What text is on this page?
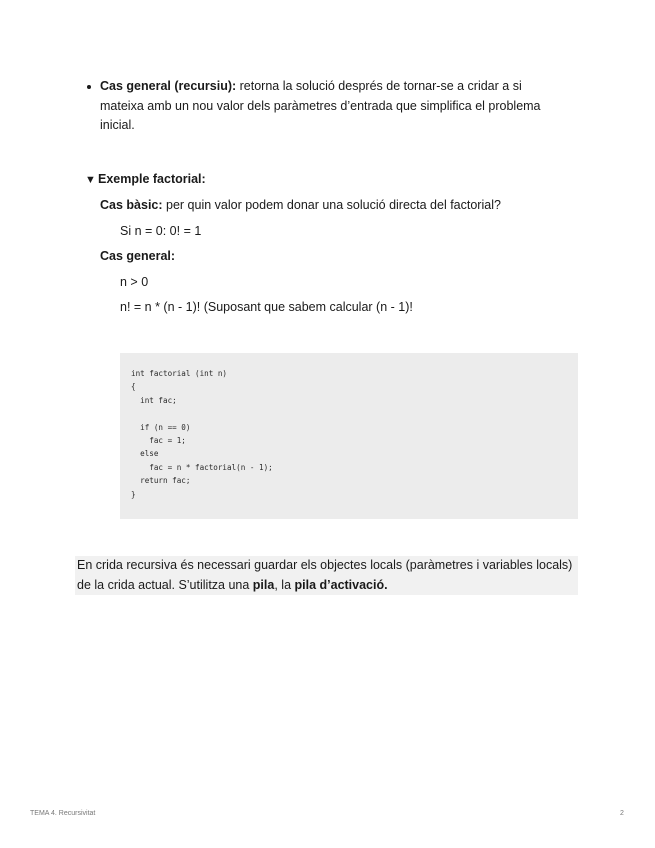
Cas general (recursiu): retorna la solució després de tornar-se a cridar a si mateixa amb un nou valor dels paràmetres d’entrada que simplifica el problema inicial.
▼ Exemple factorial:
Cas bàsic: per quin valor podem donar una solució directa del factorial?
Si n = 0: 0! = 1
Cas general:
n > 0
n! = n * (n - 1)! (Suposant que sabem calcular (n - 1)!
int factorial (int n)
{
int fac;

if (n == 0)
fac = 1;
else
fac = n * factorial(n - 1);
return fac;
}
En crida recursiva és necessari guardar els objectes locals (paràmetres i variables locals) de la crida actual. S’utilitza una pila, la pila d’activació.
TEMA 4. Recursivitat	2
